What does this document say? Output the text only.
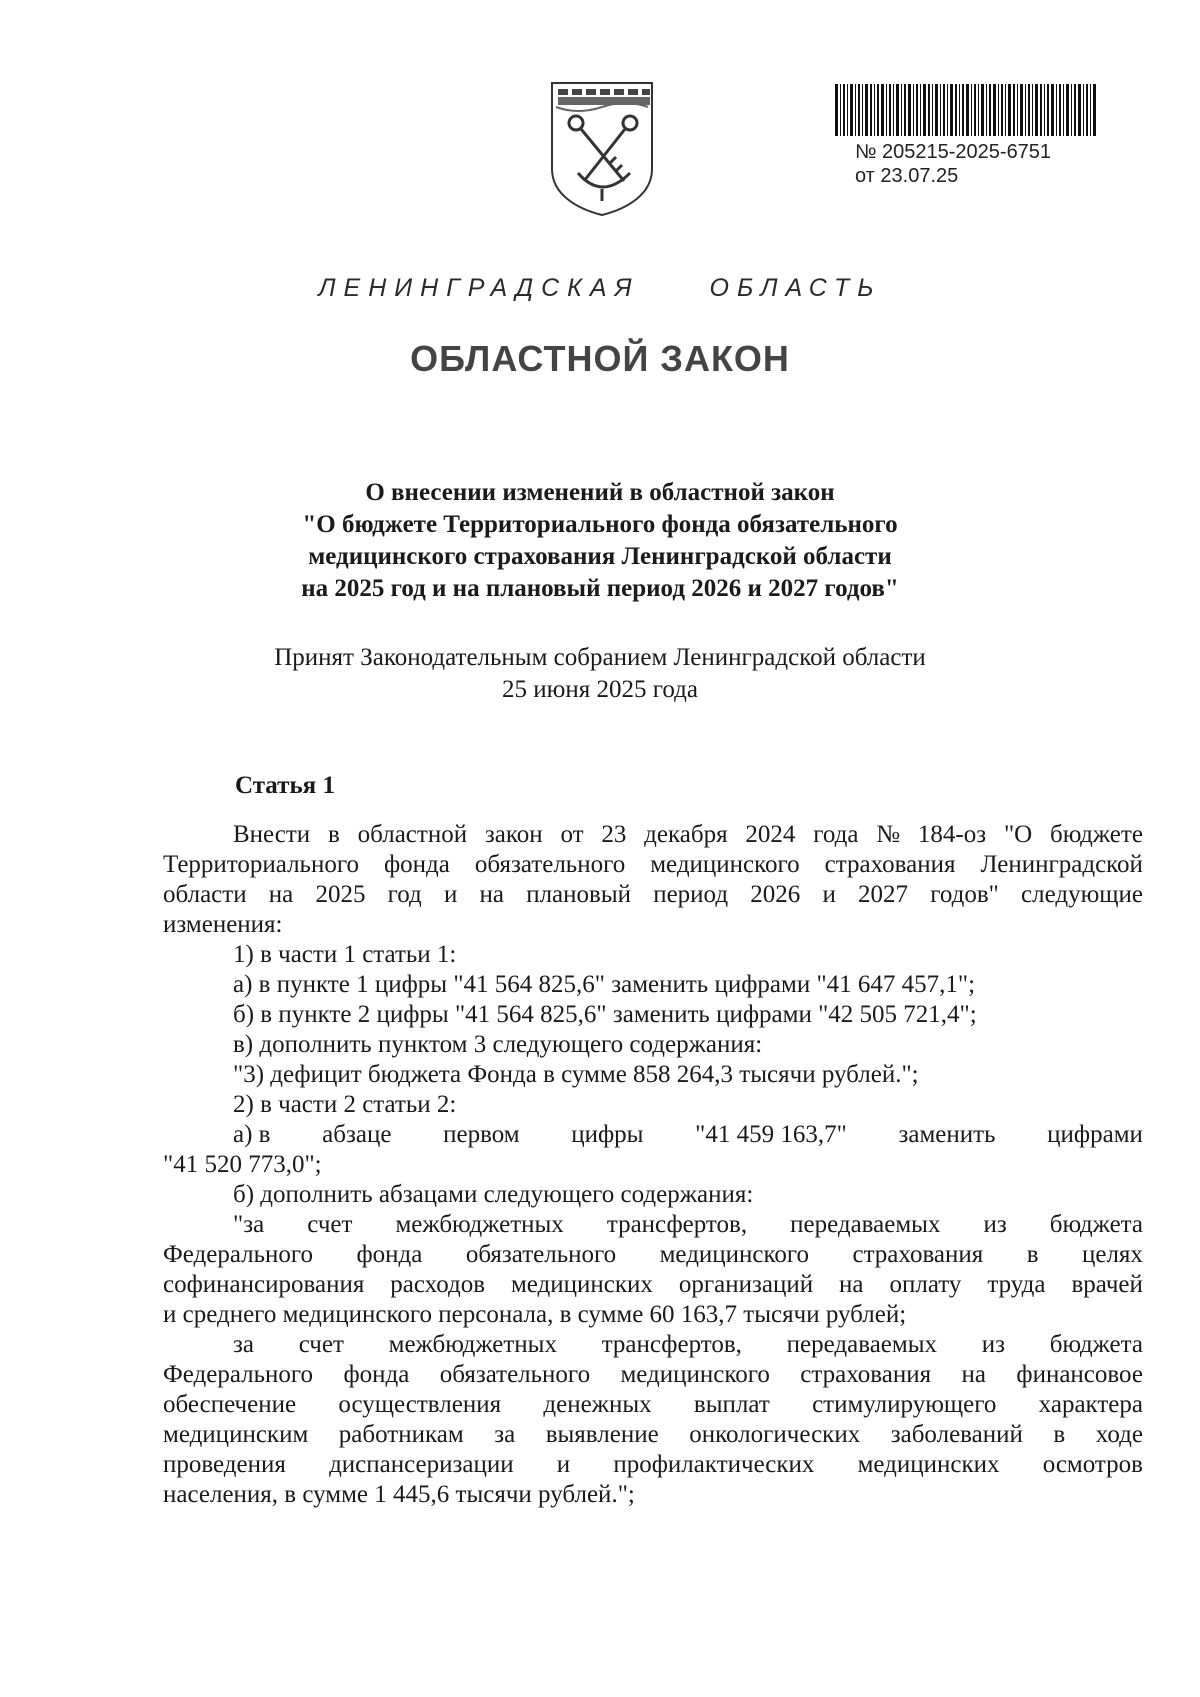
№ 205215-2025-6751
от 23.07.25
ЛЕНИНГРАДСКАЯ	ОБЛАСТЬ
ОБЛАСТНОЙ ЗАКОН
О внесении изменений в областной закон
"О бюджете Территориального фонда обязательного
медицинского страхования Ленинградской области
на 2025 год и на плановый период 2026 и 2027 годов"
Принят Законодательным собранием Ленинградской области
25 июня 2025 года
Статья 1
Внести в областной закон от 23 декабря 2024 года № 184-оз "О бюджете
Территориального фонда обязательного медицинского страхования Ленинградской
области на 2025 год и на плановый период 2026 и 2027 годов" следующие
изменения:
1) в части 1 статьи 1:
а) в пункте 1 цифры "41 564 825,6" заменить цифрами "41 647 457,1";
б) в пункте 2 цифры "41 564 825,6" заменить цифрами "42 505 721,4";
в) дополнить пунктом 3 следующего содержания:
"3) дефицит бюджета Фонда в сумме 858 264,3 тысячи рублей.";
2) в части 2 статьи 2:
а) в абзаце первом цифры "41 459 163,7" заменить цифрами
"41 520 773,0";
б) дополнить абзацами следующего содержания:
"за счет межбюджетных трансфертов, передаваемых из бюджета
Федерального фонда обязательного медицинского страхования в целях
софинансирования расходов медицинских организаций на оплату труда врачей
и среднего медицинского персонала, в сумме 60 163,7 тысячи рублей;
за счет межбюджетных трансфертов, передаваемых из бюджета
Федерального фонда обязательного медицинского страхования на финансовое
обеспечение осуществления денежных выплат стимулирующего характера
медицинским работникам за выявление онкологических заболеваний в ходе
проведения диспансеризации и профилактических медицинских осмотров
населения, в сумме 1 445,6 тысячи рублей.";
